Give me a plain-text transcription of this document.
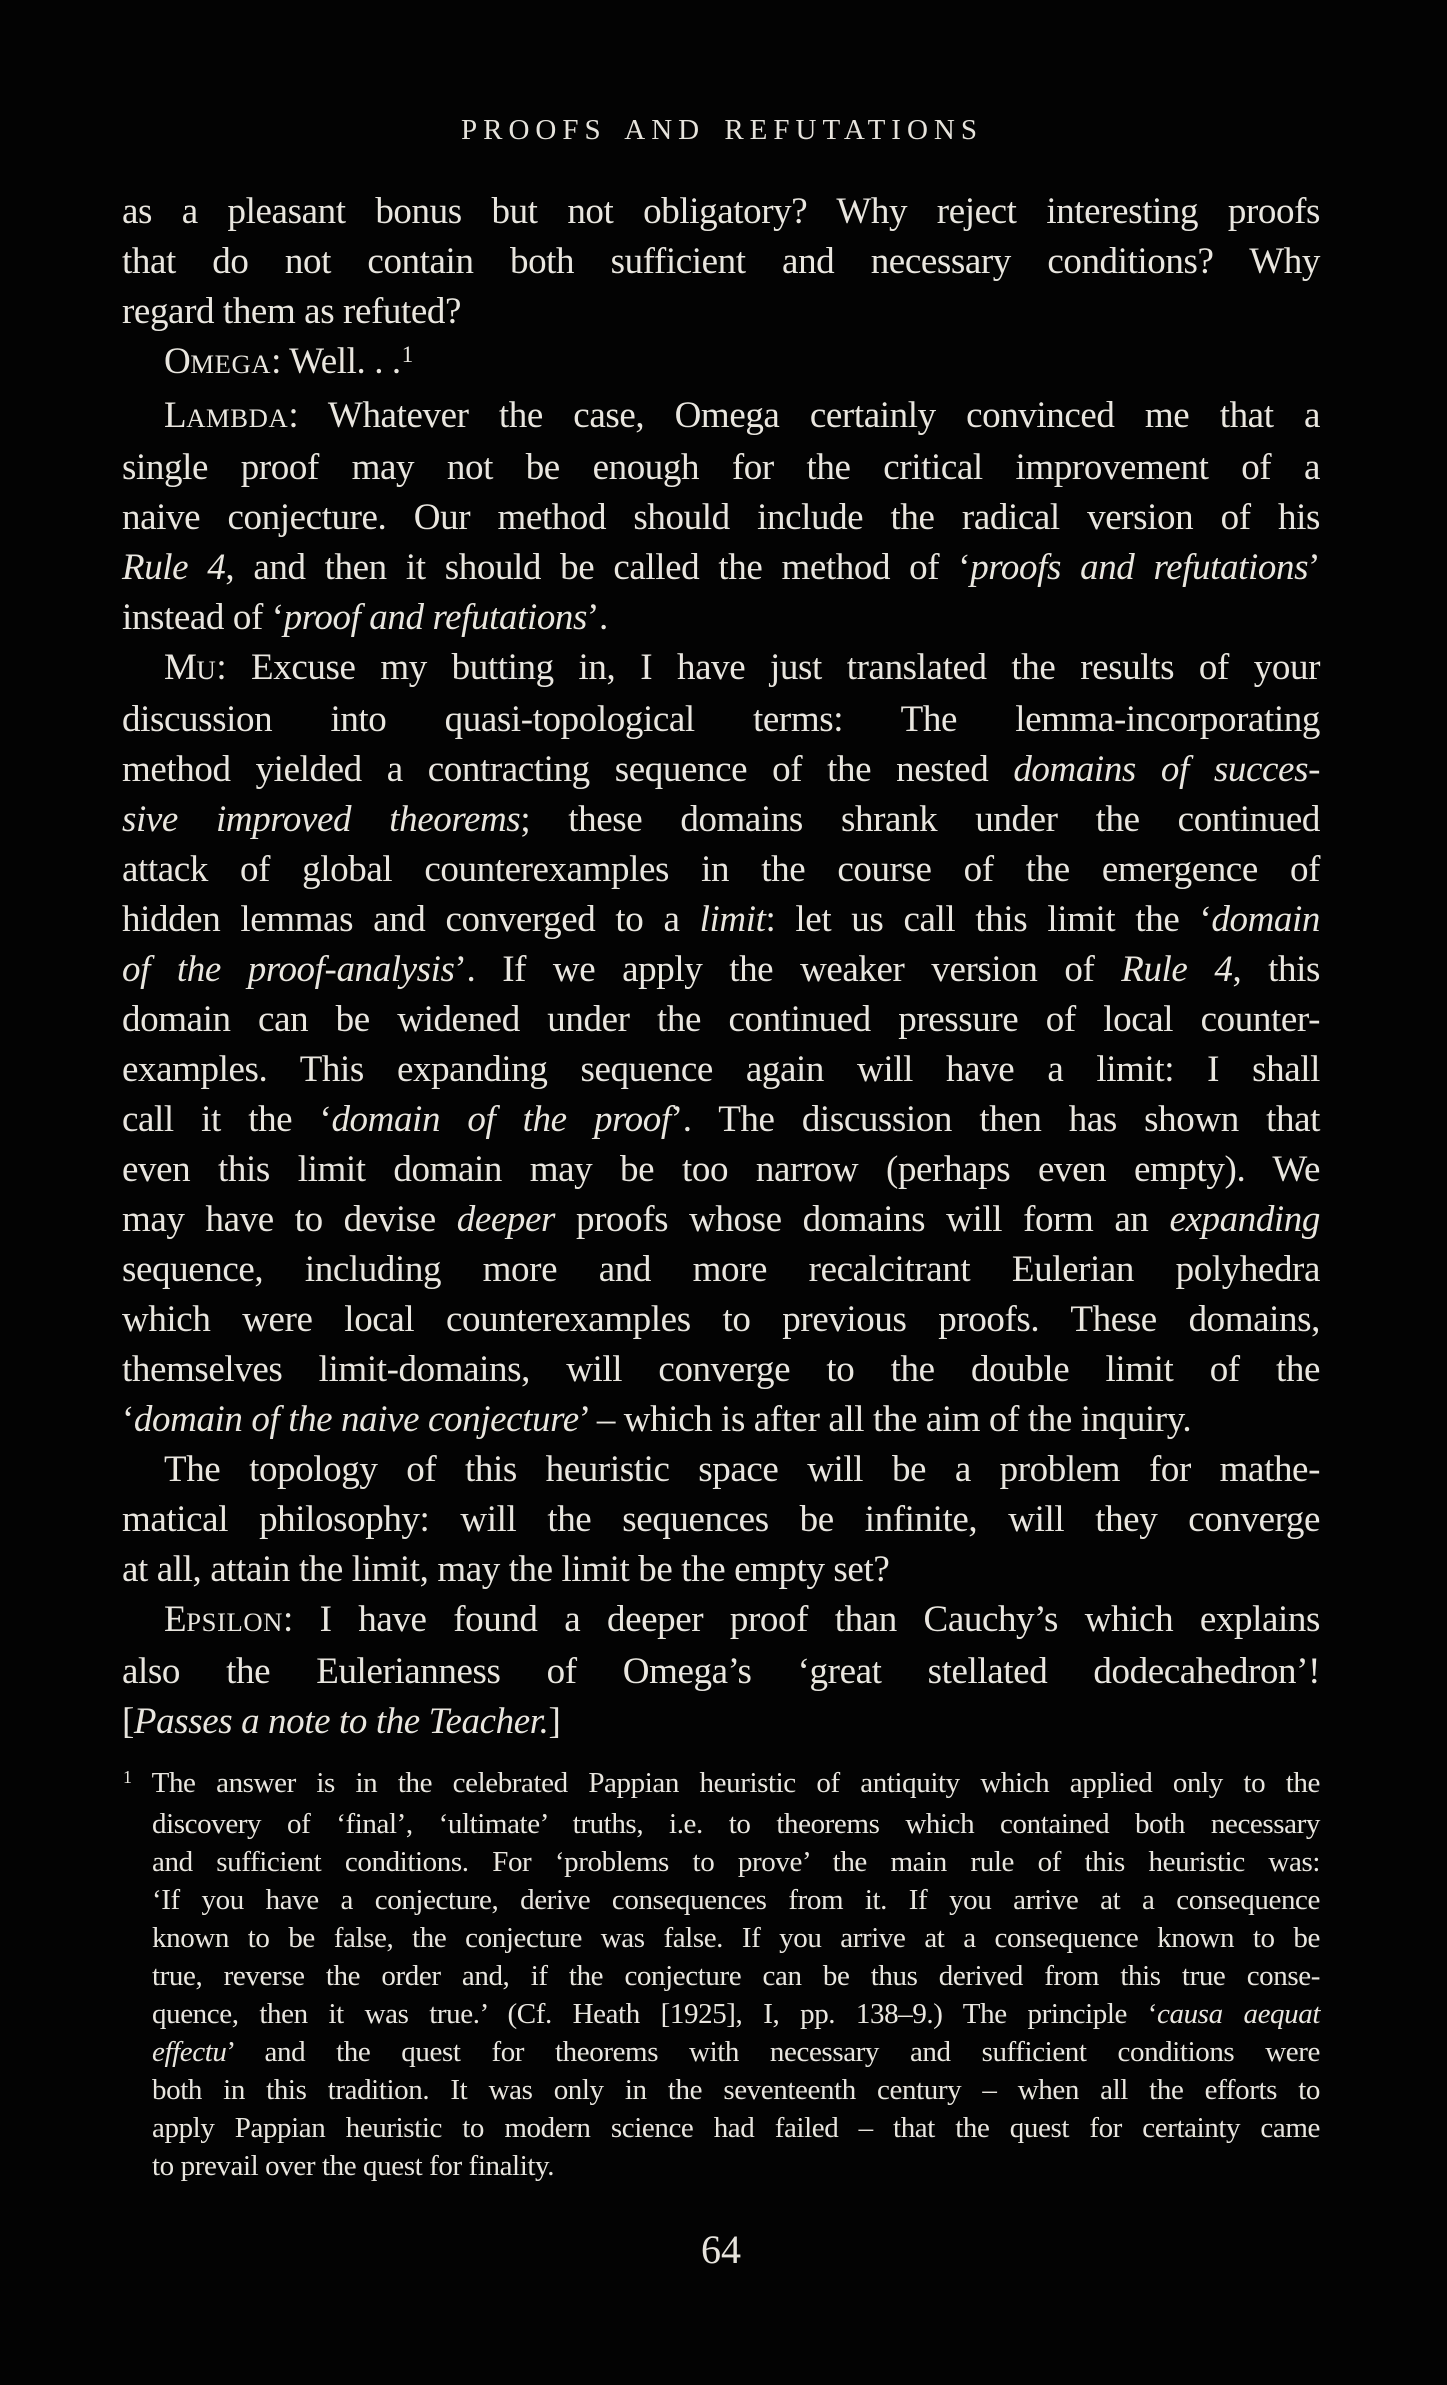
PROOFS AND REFUTATIONS
as a pleasant bonus but not obligatory? Why reject interesting proofs
that do not contain both sufficient and necessary conditions? Why
regard them as refuted?
OMEGA: Well. . .$^1$
LAMBDA: Whatever the case, Omega certainly convinced me that a
single proof may not be enough for the critical improvement of a
naive conjecture. Our method should include the radical version of his
Rule 4, and then it should be called the method of ‘proofs and refutations’
instead of ‘proof and refutations’.
MU: Excuse my butting in, I have just translated the results of your
discussion into quasi-topological terms: The lemma-incorporating
method yielded a contracting sequence of the nested domains of succes-
sive improved theorems; these domains shrank under the continued
attack of global counterexamples in the course of the emergence of
hidden lemmas and converged to a limit: let us call this limit the ‘domain
of the proof-analysis’. If we apply the weaker version of Rule 4, this
domain can be widened under the continued pressure of local counter-
examples. This expanding sequence again will have a limit: I shall
call it the ‘domain of the proof’. The discussion then has shown that
even this limit domain may be too narrow (perhaps even empty). We
may have to devise deeper proofs whose domains will form an expanding
sequence, including more and more recalcitrant Eulerian polyhedra
which were local counterexamples to previous proofs. These domains,
themselves limit-domains, will converge to the double limit of the
‘domain of the naive conjecture’ – which is after all the aim of the inquiry.
The topology of this heuristic space will be a problem for mathe-
matical philosophy: will the sequences be infinite, will they converge
at all, attain the limit, may the limit be the empty set?
EPSILON: I have found a deeper proof than Cauchy’s which explains
also the Eulerianness of Omega’s ‘great stellated dodecahedron’!
[Passes a note to the Teacher.]
$^1$ The answer is in the celebrated Pappian heuristic of antiquity which applied only to the
discovery of ‘final’, ‘ultimate’ truths, i.e. to theorems which contained both necessary
and sufficient conditions. For ‘problems to prove’ the main rule of this heuristic was:
‘If you have a conjecture, derive consequences from it. If you arrive at a consequence
known to be false, the conjecture was false. If you arrive at a consequence known to be
true, reverse the order and, if the conjecture can be thus derived from this true conse-
quence, then it was true.’ (Cf. Heath [1925], I, pp. 138–9.) The principle ‘causa aequat
effectu’ and the quest for theorems with necessary and sufficient conditions were
both in this tradition. It was only in the seventeenth century – when all the efforts to
apply Pappian heuristic to modern science had failed – that the quest for certainty came
to prevail over the quest for finality.
64
